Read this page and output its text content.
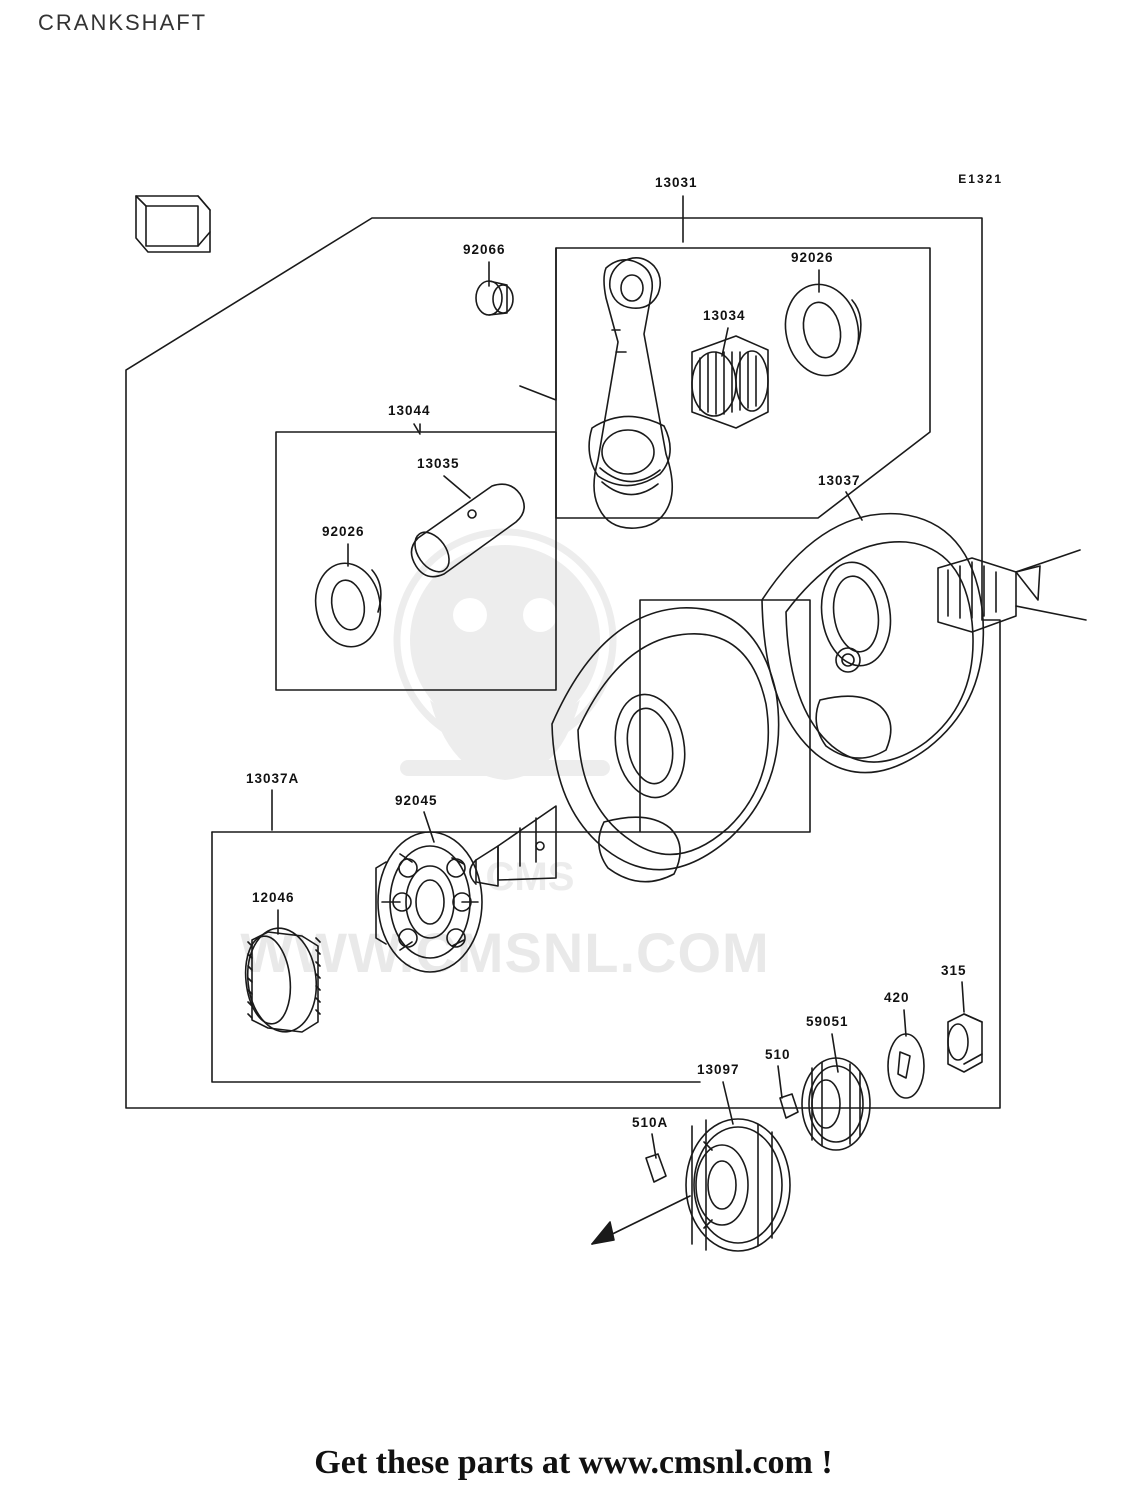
CRANKSHAFT
E1321
CMS
WWW.CMSNL.COM
13031
92066
92026
13034
13044
13035
13037
92026
13037A
92045
12046
315
420
59051
510
13097
510A
Get these parts at www.cmsnl.com !
